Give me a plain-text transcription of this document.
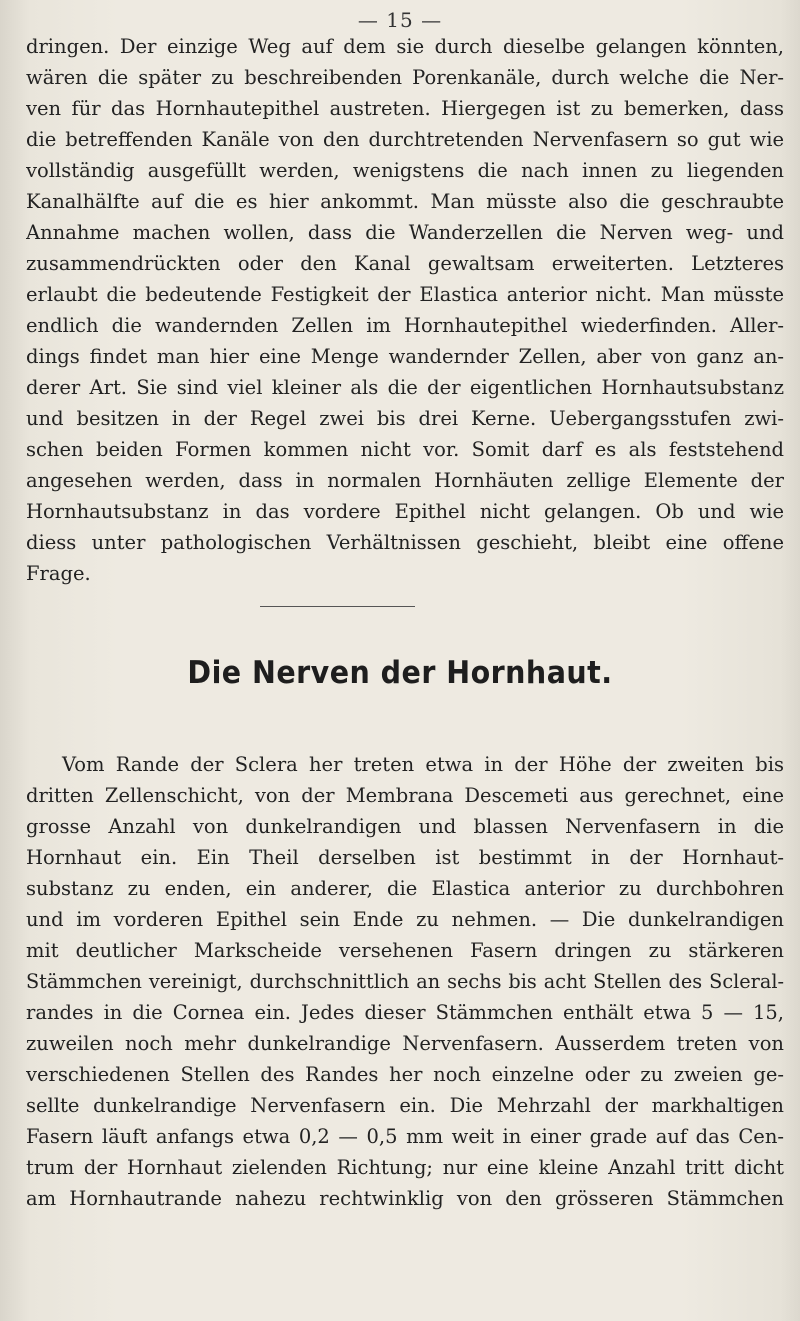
— 15 —
dringen. Der einzige Weg auf dem sie durch dieselbe gelangen könnten,
wären die später zu beschreibenden Porenkanäle, durch welche die Ner-
ven für das Hornhautepithel austreten. Hiergegen ist zu bemerken, dass
die betreffenden Kanäle von den durchtretenden Nervenfasern so gut wie
vollständig ausgefüllt werden, wenigstens die nach innen zu liegenden
Kanalhälfte auf die es hier ankommt. Man müsste also die geschraubte
Annahme machen wollen, dass die Wanderzellen die Nerven weg- und
zusammendrückten oder den Kanal gewaltsam erweiterten. Letzteres
erlaubt die bedeutende Festigkeit der Elastica anterior nicht. Man müsste
endlich die wandernden Zellen im Hornhautepithel wiederfinden. Aller-
dings findet man hier eine Menge wandernder Zellen, aber von ganz an-
derer Art. Sie sind viel kleiner als die der eigentlichen Hornhautsubstanz
und besitzen in der Regel zwei bis drei Kerne. Uebergangsstufen zwi-
schen beiden Formen kommen nicht vor. Somit darf es als feststehend
angesehen werden, dass in normalen Hornhäuten zellige Elemente der
Hornhautsubstanz in das vordere Epithel nicht gelangen. Ob und wie
diess unter pathologischen Verhältnissen geschieht, bleibt eine offene
Frage.
Die Nerven der Hornhaut.
Vom Rande der Sclera her treten etwa in der Höhe der zweiten bis
dritten Zellenschicht, von der Membrana Descemeti aus gerechnet, eine
grosse Anzahl von dunkelrandigen und blassen Nervenfasern in die
Hornhaut ein. Ein Theil derselben ist bestimmt in der Hornhaut-
substanz zu enden, ein anderer, die Elastica anterior zu durchbohren
und im vorderen Epithel sein Ende zu nehmen. — Die dunkelrandigen
mit deutlicher Markscheide versehenen Fasern dringen zu stärkeren
Stämmchen vereinigt, durchschnittlich an sechs bis acht Stellen des Scleral-
randes in die Cornea ein. Jedes dieser Stämmchen enthält etwa 5 — 15,
zuweilen noch mehr dunkelrandige Nervenfasern. Ausserdem treten von
verschiedenen Stellen des Randes her noch einzelne oder zu zweien ge-
sellte dunkelrandige Nervenfasern ein. Die Mehrzahl der markhaltigen
Fasern läuft anfangs etwa 0,2 — 0,5 mm weit in einer grade auf das Cen-
trum der Hornhaut zielenden Richtung; nur eine kleine Anzahl tritt dicht
am Hornhautrande nahezu rechtwinklig von den grösseren Stämmchen
